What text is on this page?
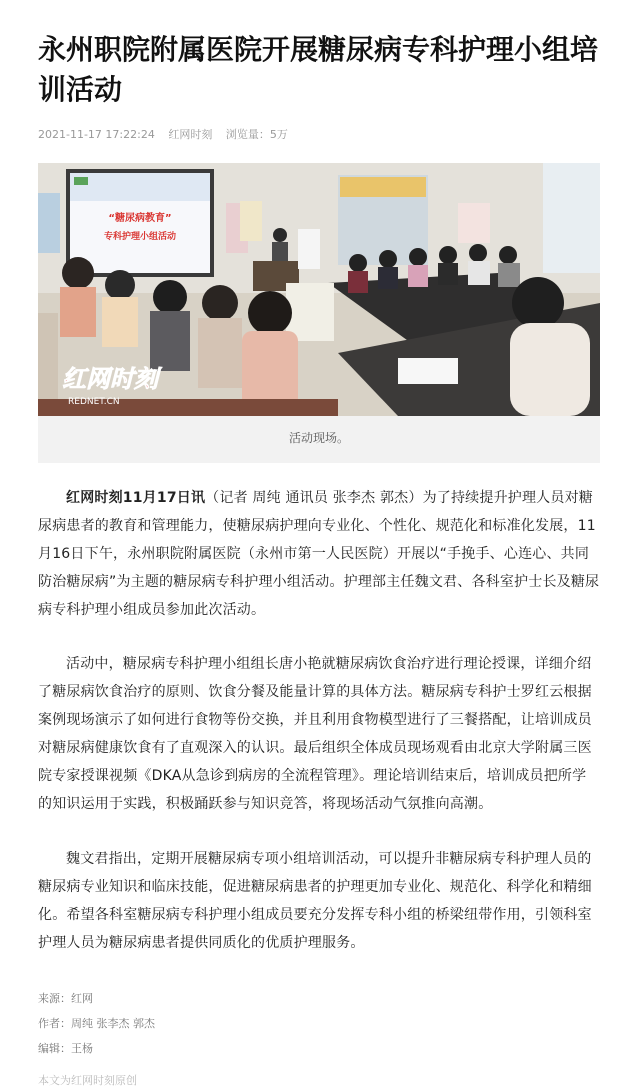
永州职院附属医院开展糖尿病专科护理小组培训活动
2021-11-17 17:22:24 红网时刻 浏览量：5万
“糖尿病教育”
专科护理小组活动
红网时刻
REDNET.CN
活动现场。

红网时刻11月17日讯（记者 周纯 通讯员 张李杰 郭杰）为了持续提升护理人员对糖尿病患者的教育和管理能力，使糖尿病护理向专业化、个性化、规范化和标准化发展，11月16日下午，永州职院附属医院（永州市第一人民医院）开展以“手挽手、心连心、共同防治糖尿病”为主题的糖尿病专科护理小组活动。护理部主任魏文君、各科室护士长及糖尿病专科护理小组成员参加此次活动。

活动中，糖尿病专科护理小组组长唐小艳就糖尿病饮食治疗进行理论授课，详细介绍了糖尿病饮食治疗的原则、饮食分餐及能量计算的具体方法。糖尿病专科护士罗红云根据案例现场演示了如何进行食物等份交换，并且利用食物模型进行了三餐搭配，让培训成员对糖尿病健康饮食有了直观深入的认识。最后组织全体成员现场观看由北京大学附属三医院专家授课视频《DKA从急诊到病房的全流程管理》。理论培训结束后，培训成员把所学的知识运用于实践，积极踊跃参与知识竞答，将现场活动气氛推向高潮。

魏文君指出，定期开展糖尿病专项小组培训活动，可以提升非糖尿病专科护理人员的糖尿病专业知识和临床技能，促进糖尿病患者的护理更加专业化、规范化、科学化和精细化。希望各科室糖尿病专科护理小组成员要充分发挥专科小组的桥梁纽带作用，引领科室护理人员为糖尿病患者提供同质化的优质护理服务。

来源：红网
作者：周纯 张李杰 郭杰
编辑：王杨
本文为红网时刻原创
